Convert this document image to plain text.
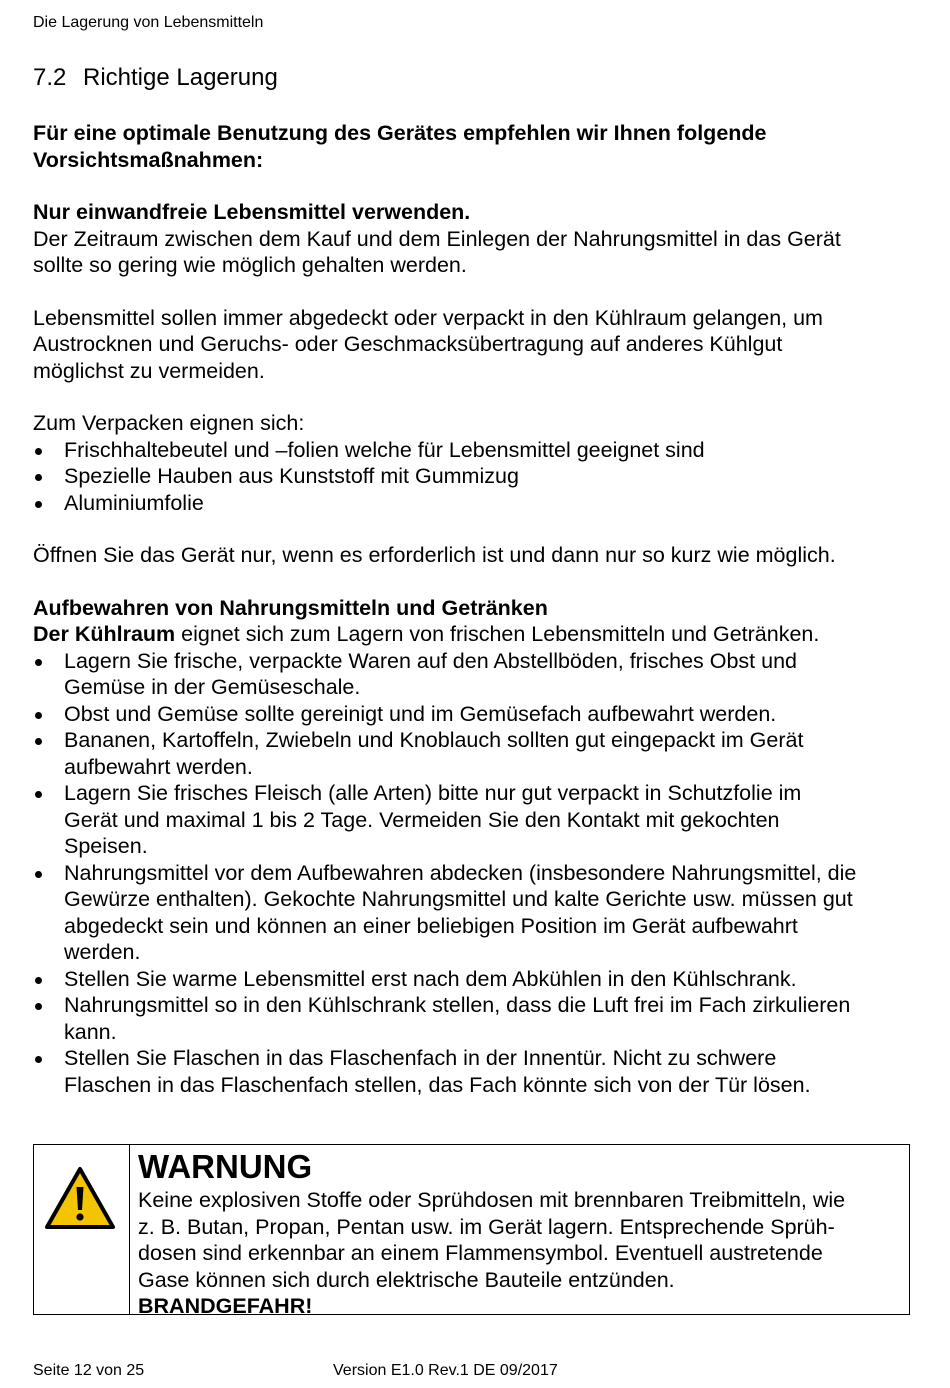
Die Lagerung von Lebensmitteln
7.2 Richtige Lagerung

Für eine optimale Benutzung des Gerätes empfehlen wir Ihnen folgende

Vorsichtsmaßnahmen:

Nur einwandfreie Lebensmittel verwenden.

Der Zeitraum zwischen dem Kauf und dem Einlegen der Nahrungsmittel in das Gerät

sollte so gering wie möglich gehalten werden.

Lebensmittel sollen immer abgedeckt oder verpackt in den Kühlraum gelangen, um

Austrocknen und Geruchs- oder Geschmacksübertragung auf anderes Kühlgut

möglichst zu vermeiden.

Zum Verpacken eignen sich:

Frischhaltebeutel und –folien welche für Lebensmittel geeignet sind
Spezielle Hauben aus Kunststoff mit Gummizug
Aluminiumfolie

Öffnen Sie das Gerät nur, wenn es erforderlich ist und dann nur so kurz wie möglich.

Aufbewahren von Nahrungsmitteln und Getränken

Der Kühlraum eignet sich zum Lagern von frischen Lebensmitteln und Getränken.

Lagern Sie frische, verpackte Waren auf den Abstellböden, frisches Obst und
Gemüse in der Gemüseschale.
Obst und Gemüse sollte gereinigt und im Gemüsefach aufbewahrt werden.
Bananen, Kartoffeln, Zwiebeln und Knoblauch sollten gut eingepackt im Gerät
aufbewahrt werden.
Lagern Sie frisches Fleisch (alle Arten) bitte nur gut verpackt in Schutzfolie im
Gerät und maximal 1 bis 2 Tage. Vermeiden Sie den Kontakt mit gekochten
Speisen.
Nahrungsmittel vor dem Aufbewahren abdecken (insbesondere Nahrungsmittel, die
Gewürze enthalten). Gekochte Nahrungsmittel und kalte Gerichte usw. müssen gut
abgedeckt sein und können an einer beliebigen Position im Gerät aufbewahrt
werden.
Stellen Sie warme Lebensmittel erst nach dem Abkühlen in den Kühlschrank.
Nahrungsmittel so in den Kühlschrank stellen, dass die Luft frei im Fach zirkulieren
kann.
Stellen Sie Flaschen in das Flaschenfach in der Innentür. Nicht zu schwere
Flaschen in das Flaschenfach stellen, das Fach könnte sich von der Tür lösen.
WARNUNG
Keine explosiven Stoffe oder Sprühdosen mit brennbaren Treibmitteln, wie
z. B. Butan, Propan, Pentan usw. im Gerät lagern. Entsprechende Sprüh-
dosen sind erkennbar an einem Flammensymbol. Eventuell austretende
Gase können sich durch elektrische Bauteile entzünden.
BRANDGEFAHR!
Seite 12 von 25	Version E1.0 Rev.1 DE 09/2017
